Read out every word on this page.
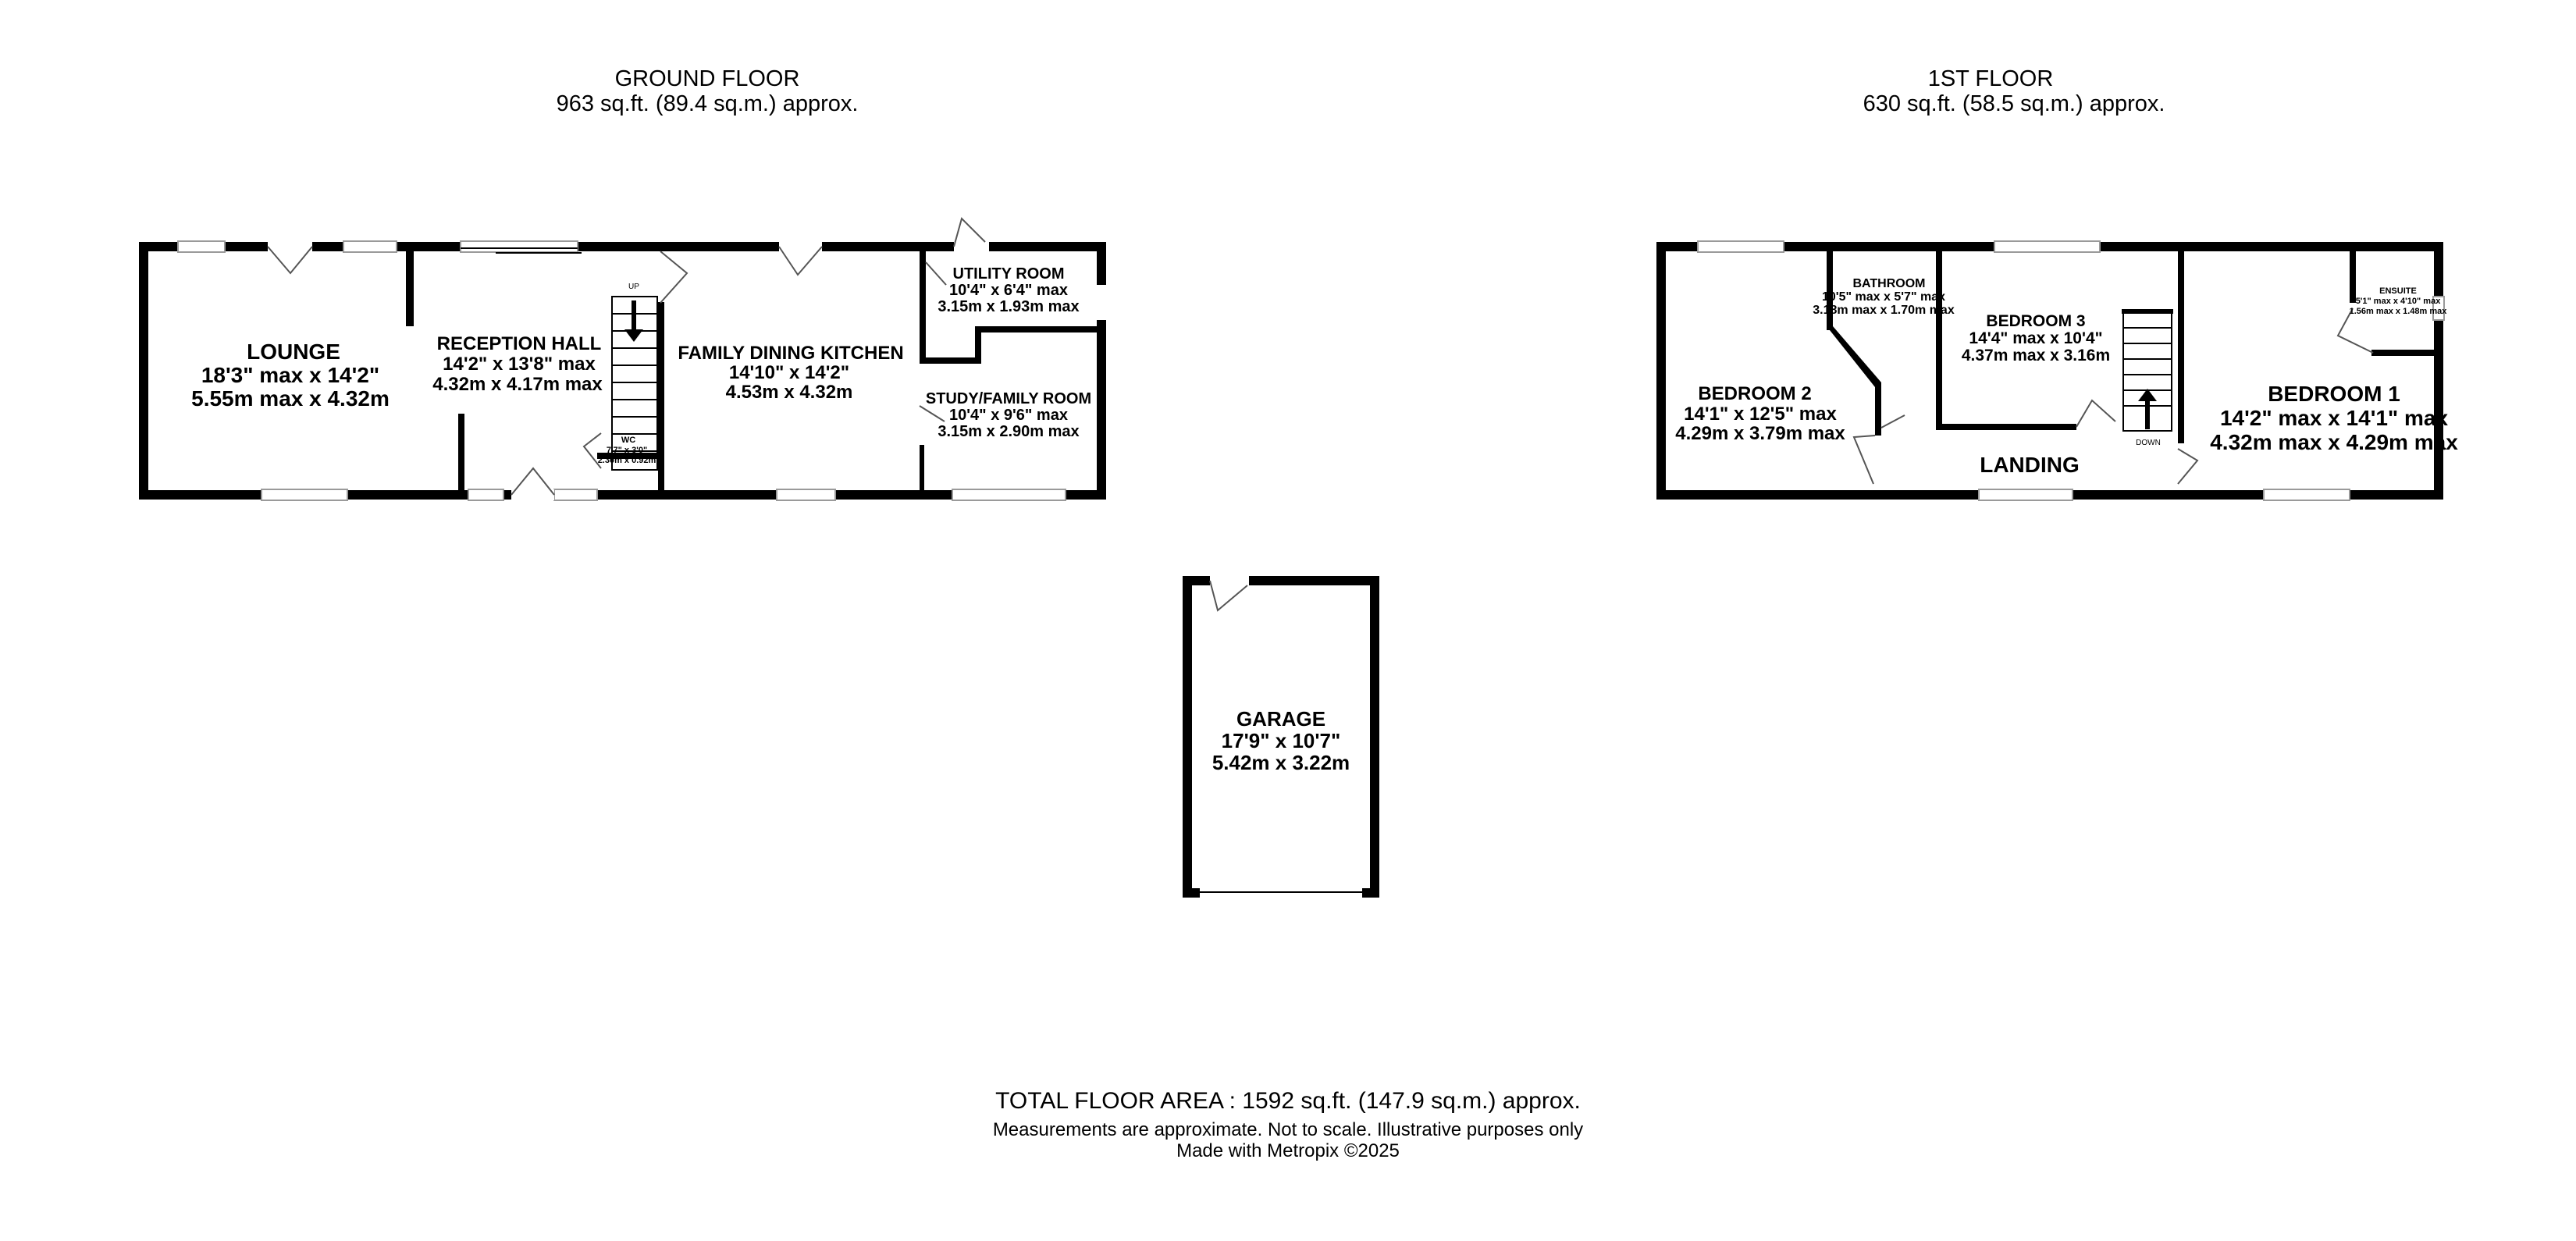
GROUND FLOOR
963 sq.ft. (89.4 sq.m.) approx.
1ST FLOOR
630 sq.ft. (58.5 sq.m.) approx.
UP
LOUNGE
18'3" max x 14'2"
5.55m max x 4.32m
RECEPTION HALL
14'2" x 13'8" max
4.32m x 4.17m max
FAMILY DINING KITCHEN
14'10" x 14'2"
4.53m x 4.32m
UTILITY ROOM
10'4" x 6'4" max
3.15m x 1.93m max
STUDY/FAMILY ROOM
10'4" x 9'6" max
3.15m x 2.90m max
WC
7'7" x 3'0"
2.30m x 0.92m
GARAGE
17'9" x 10'7"
5.42m x 3.22m
DOWN
BEDROOM 2
14'1" x 12'5" max
4.29m x 3.79m max
BATHROOM
10'5" max x 5'7" max
3.18m max x 1.70m max
BEDROOM 3
14'4" max x 10'4"
4.37m max x 3.16m
ENSUITE
5'1" max x 4'10" max
1.56m max x 1.48m max
BEDROOM 1
14'2" max x 14'1" max
4.32m max x 4.29m max
LANDING
TOTAL FLOOR AREA : 1592 sq.ft. (147.9 sq.m.) approx.
Measurements are approximate. Not to scale. Illustrative purposes only
Made with Metropix ©2025
